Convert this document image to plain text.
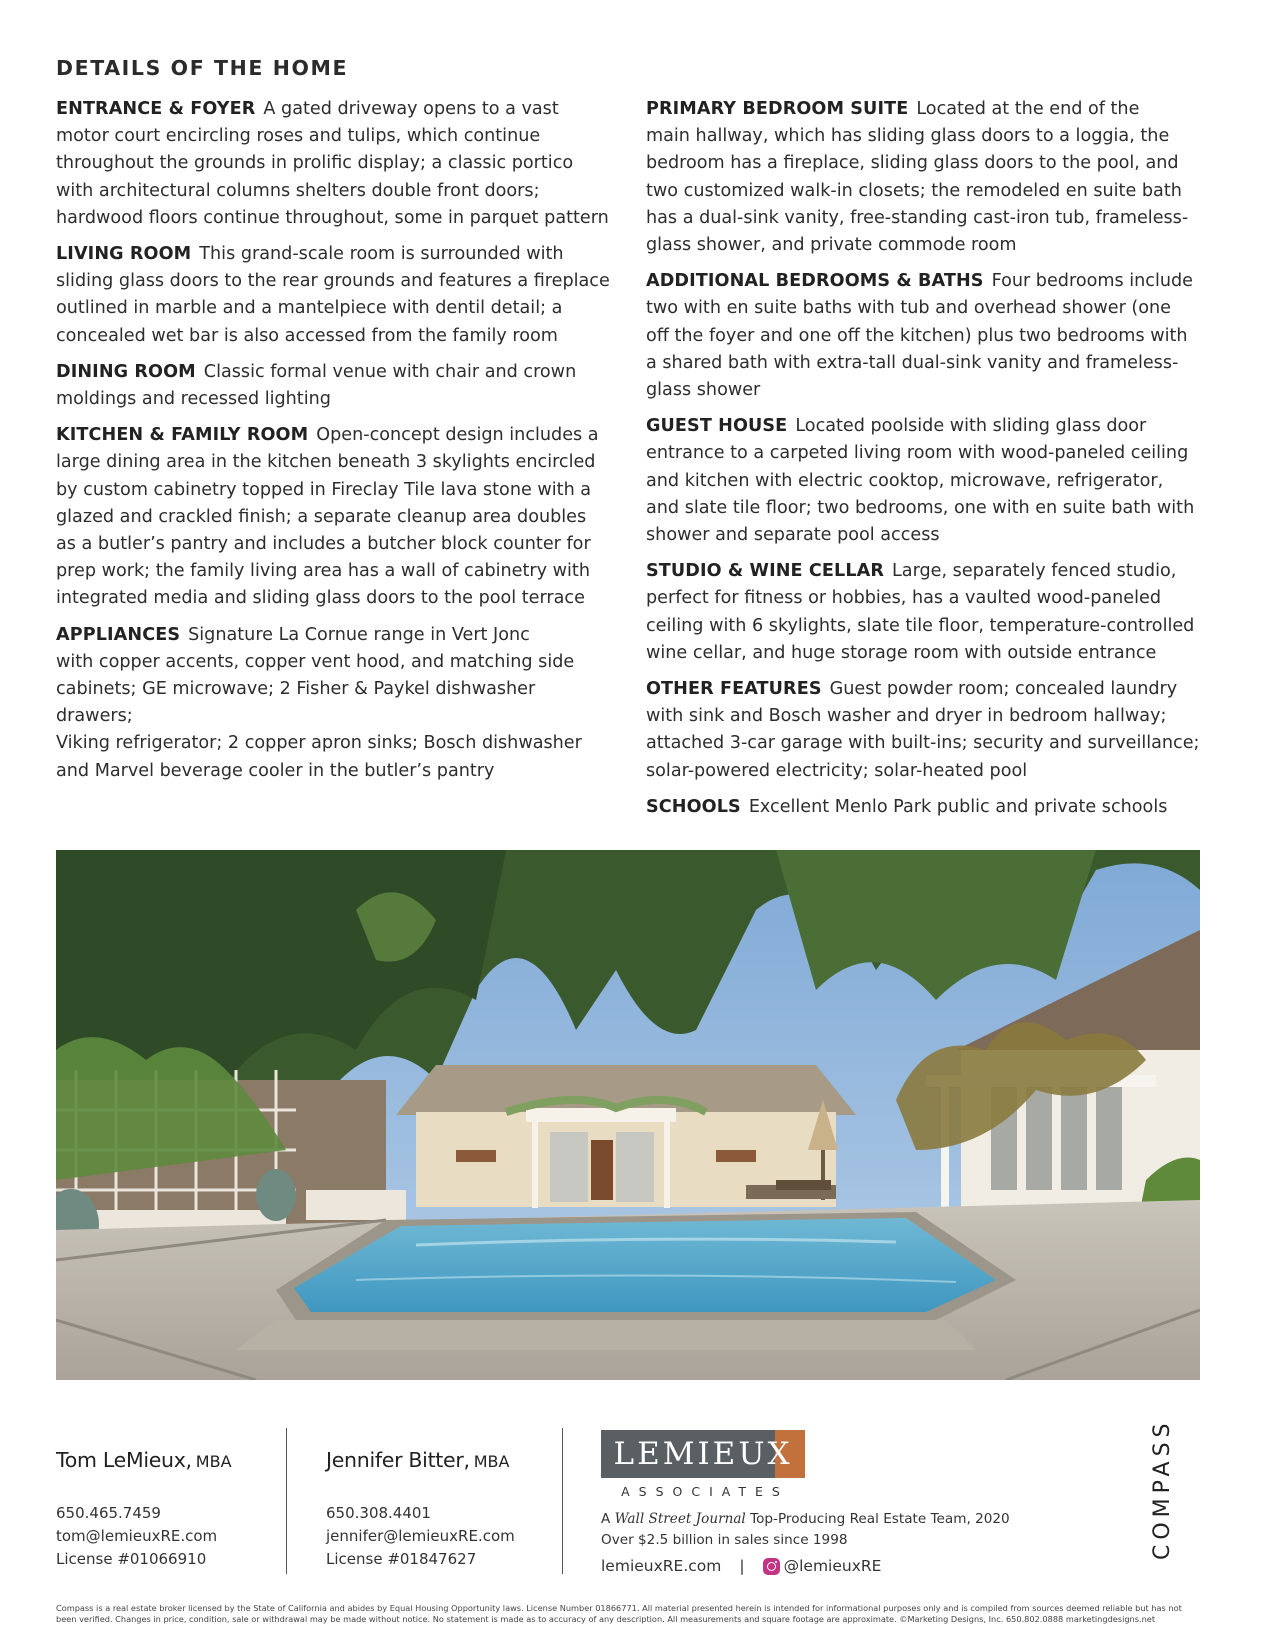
DETAILS OF THE HOME

ENTRANCE & FOYER A gated driveway opens to a vast
motor court encircling roses and tulips, which continue
throughout the grounds in prolific display; a classic portico
with architectural columns shelters double front doors;
hardwood floors continue throughout, some in parquet pattern

LIVING ROOM This grand-scale room is surrounded with
sliding glass doors to the rear grounds and features a fireplace
outlined in marble and a mantelpiece with dentil detail; a
concealed wet bar is also accessed from the family room

DINING ROOM Classic formal venue with chair and crown
moldings and recessed lighting

KITCHEN & FAMILY ROOM Open-concept design includes a
large dining area in the kitchen beneath 3 skylights encircled
by custom cabinetry topped in Fireclay Tile lava stone with a
glazed and crackled finish; a separate cleanup area doubles
as a butler’s pantry and includes a butcher block counter for
prep work; the family living area has a wall of cabinetry with
integrated media and sliding glass doors to the pool terrace

APPLIANCES Signature La Cornue range in Vert Jonc
with copper accents, copper vent hood, and matching side
cabinets; GE microwave; 2 Fisher & Paykel dishwasher drawers;
Viking refrigerator; 2 copper apron sinks; Bosch dishwasher
and Marvel beverage cooler in the butler’s pantry

PRIMARY BEDROOM SUITE Located at the end of the
main hallway, which has sliding glass doors to a loggia, the
bedroom has a fireplace, sliding glass doors to the pool, and
two customized walk-in closets; the remodeled en suite bath
has a dual-sink vanity, free-standing cast-iron tub, frameless-
glass shower, and private commode room

ADDITIONAL BEDROOMS & BATHS Four bedrooms include
two with en suite baths with tub and overhead shower (one
off the foyer and one off the kitchen) plus two bedrooms with
a shared bath with extra-tall dual-sink vanity and frameless-
glass shower

GUEST HOUSE Located poolside with sliding glass door
entrance to a carpeted living room with wood-paneled ceiling
and kitchen with electric cooktop, microwave, refrigerator,
and slate tile floor; two bedrooms, one with en suite bath with
shower and separate pool access

STUDIO & WINE CELLAR Large, separately fenced studio,
perfect for fitness or hobbies, has a vaulted wood-paneled
ceiling with 6 skylights, slate tile floor, temperature-controlled
wine cellar, and huge storage room with outside entrance

OTHER FEATURES Guest powder room; concealed laundry
with sink and Bosch washer and dryer in bedroom hallway;
attached 3-car garage with built-ins; security and surveillance;
solar-powered electricity; solar-heated pool

SCHOOLS Excellent Menlo Park public and private schools

Tom LeMieux, MBA
650.465.7459
tom@lemieuxRE.com
License #01066910
Jennifer Bitter, MBA
650.308.4401
jennifer@lemieuxRE.com
License #01847627
LEMIEUX
ASSOCIATES
A Wall Street Journal Top-Producing Real Estate Team, 2020
Over $2.5 billion in sales since 1998
lemieuxRE.com |	@lemieuxRE
COMPASS
Compass is a real estate broker licensed by the State of California and abides by Equal Housing Opportunity laws. License Number 01866771. All material presented herein is intended for informational purposes only and is compiled from sources deemed reliable but has not been verified. Changes in price, condition, sale or withdrawal may be made without notice. No statement is made as to accuracy of any description. All measurements and square footage are approximate. ©Marketing Designs, Inc. 650.802.0888 marketingdesigns.net
